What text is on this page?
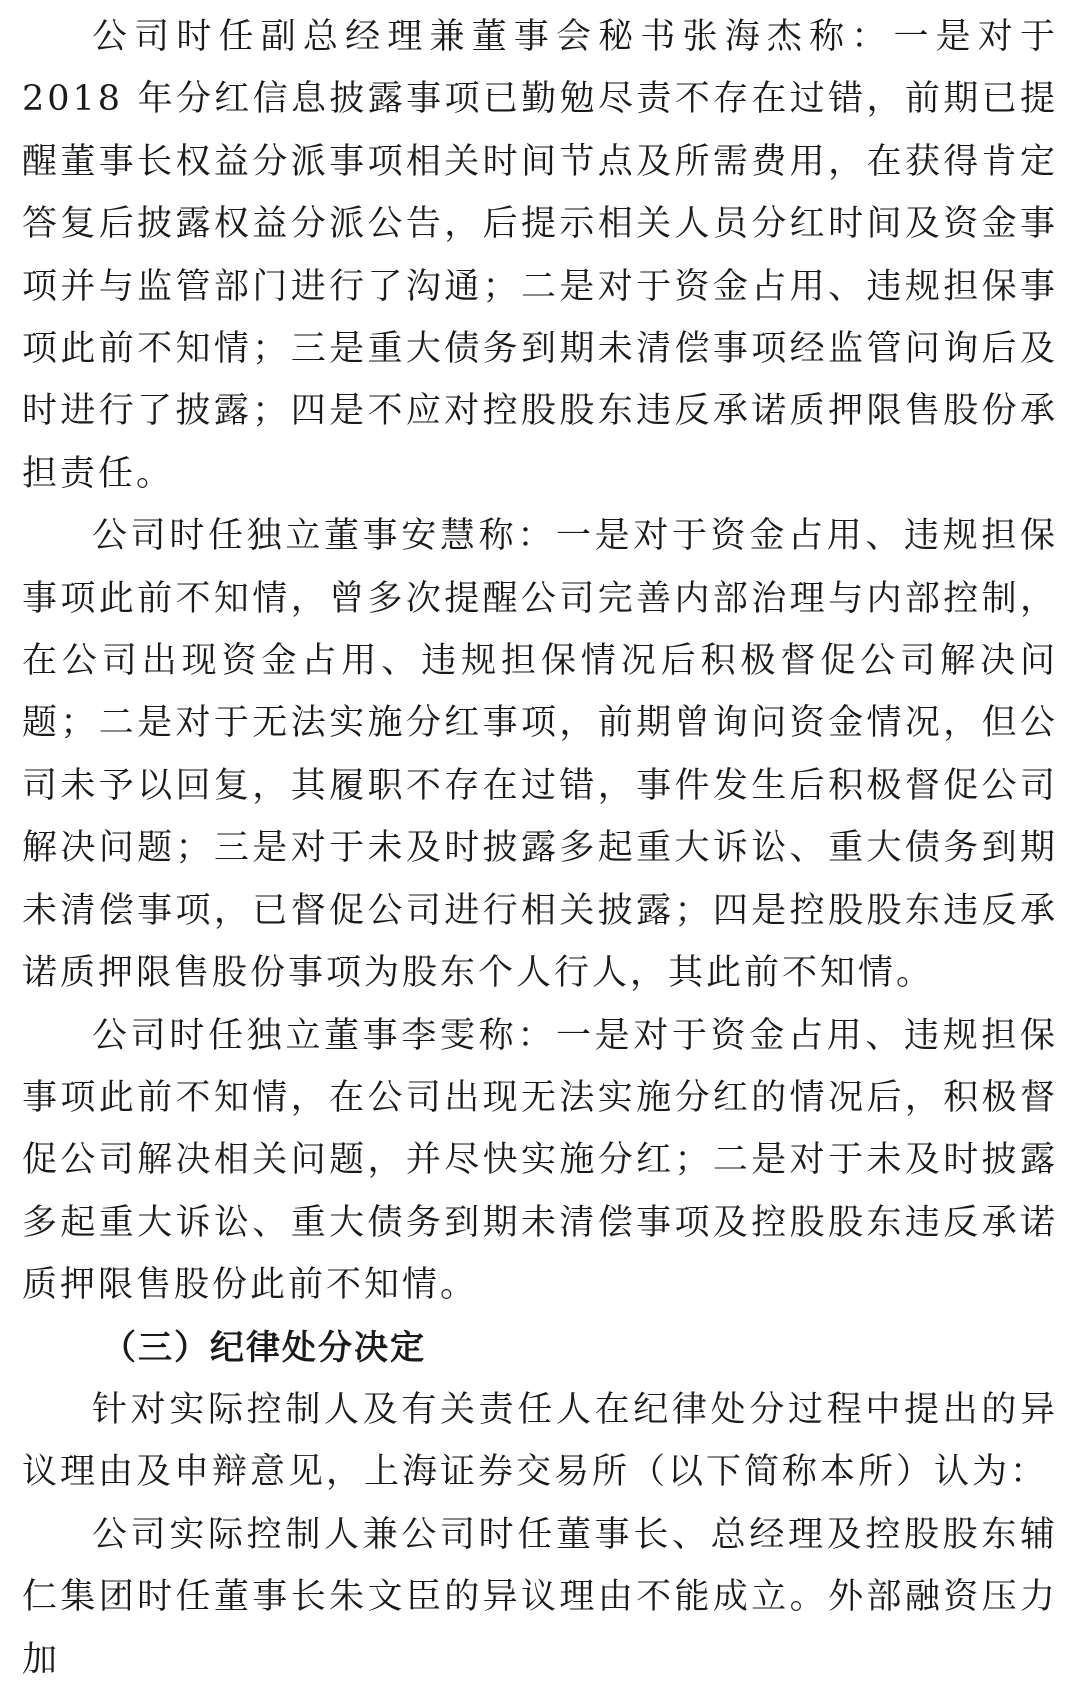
公司时任副总经理兼董事会秘书张海杰称：一是对于 2018 年分红信息披露事项已勤勉尽责不存在过错，前期已提醒董事长权益分派事项相关时间节点及所需费用，在获得肯定答复后披露权益分派公告，后提示相关人员分红时间及资金事项并与监管部门进行了沟通；二是对于资金占用、违规担保事项此前不知情；三是重大债务到期未清偿事项经监管问询后及时进行了披露；四是不应对控股股东违反承诺质押限售股份承担责任。

公司时任独立董事安慧称：一是对于资金占用、违规担保事项此前不知情，曾多次提醒公司完善内部治理与内部控制，在公司出现资金占用、违规担保情况后积极督促公司解决问题；二是对于无法实施分红事项，前期曾询问资金情况，但公司未予以回复，其履职不存在过错，事件发生后积极督促公司解决问题；三是对于未及时披露多起重大诉讼、重大债务到期未清偿事项，已督促公司进行相关披露；四是控股股东违反承诺质押限售股份事项为股东个人行人，其此前不知情。

公司时任独立董事李雯称：一是对于资金占用、违规担保事项此前不知情，在公司出现无法实施分红的情况后，积极督促公司解决相关问题，并尽快实施分红；二是对于未及时披露多起重大诉讼、重大债务到期未清偿事项及控股股东违反承诺质押限售股份此前不知情。

（三）纪律处分决定

针对实际控制人及有关责任人在纪律处分过程中提出的异议理由及申辩意见，上海证券交易所（以下简称本所）认为：

公司实际控制人兼公司时任董事长、总经理及控股股东辅仁集团时任董事长朱文臣的异议理由不能成立。外部融资压力加
